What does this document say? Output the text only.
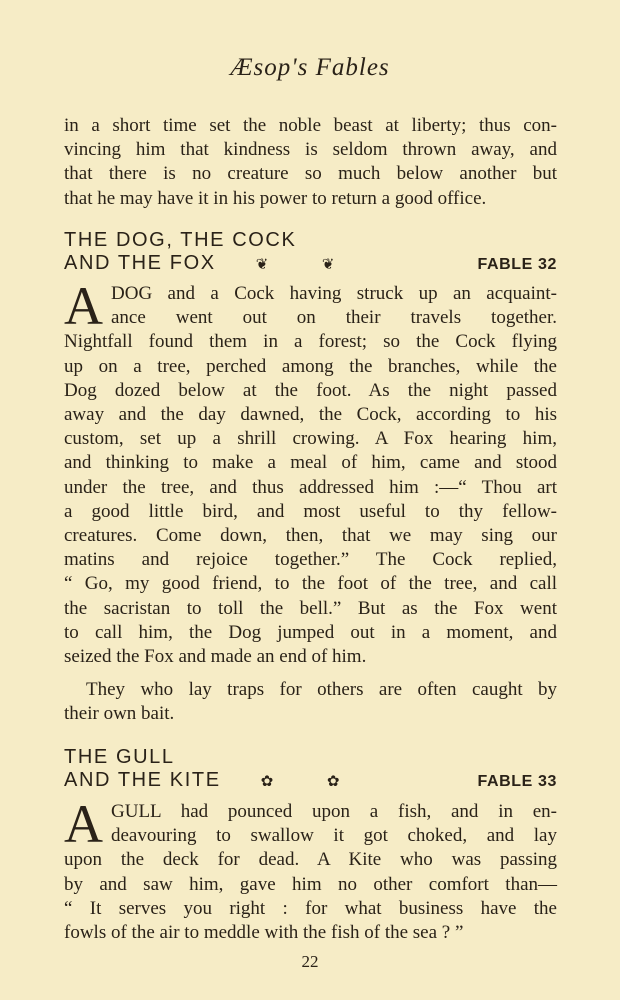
Æsop's Fables
in a short time set the noble beast at liberty; thus con-
vincing him that kindness is seldom thrown away, and
that there is no creature so much below another but
that he may have it in his power to return a good office.
THE DOG, THE COCK
AND THE FOX	❦	❦	FABLE 32
A DOG and a Cock having struck up an acquaint-
ance went out on their travels together.
Nightfall found them in a forest; so the Cock flying
up on a tree, perched among the branches, while the
Dog dozed below at the foot. As the night passed
away and the day dawned, the Cock, according to his
custom, set up a shrill crowing. A Fox hearing him,
and thinking to make a meal of him, came and stood
under the tree, and thus addressed him :—“ Thou art
a good little bird, and most useful to thy fellow-
creatures. Come down, then, that we may sing our
matins and rejoice together.” The Cock replied,
“ Go, my good friend, to the foot of the tree, and call
the sacristan to toll the bell.” But as the Fox went
to call him, the Dog jumped out in a moment, and
seized the Fox and made an end of him.
They who lay traps for others are often caught by
their own bait.
THE GULL
AND THE KITE	✿	✿	FABLE 33
A GULL had pounced upon a fish, and in en-
deavouring to swallow it got choked, and lay
upon the deck for dead. A Kite who was passing
by and saw him, gave him no other comfort than—
“ It serves you right : for what business have the
fowls of the air to meddle with the fish of the sea ? ”
22
